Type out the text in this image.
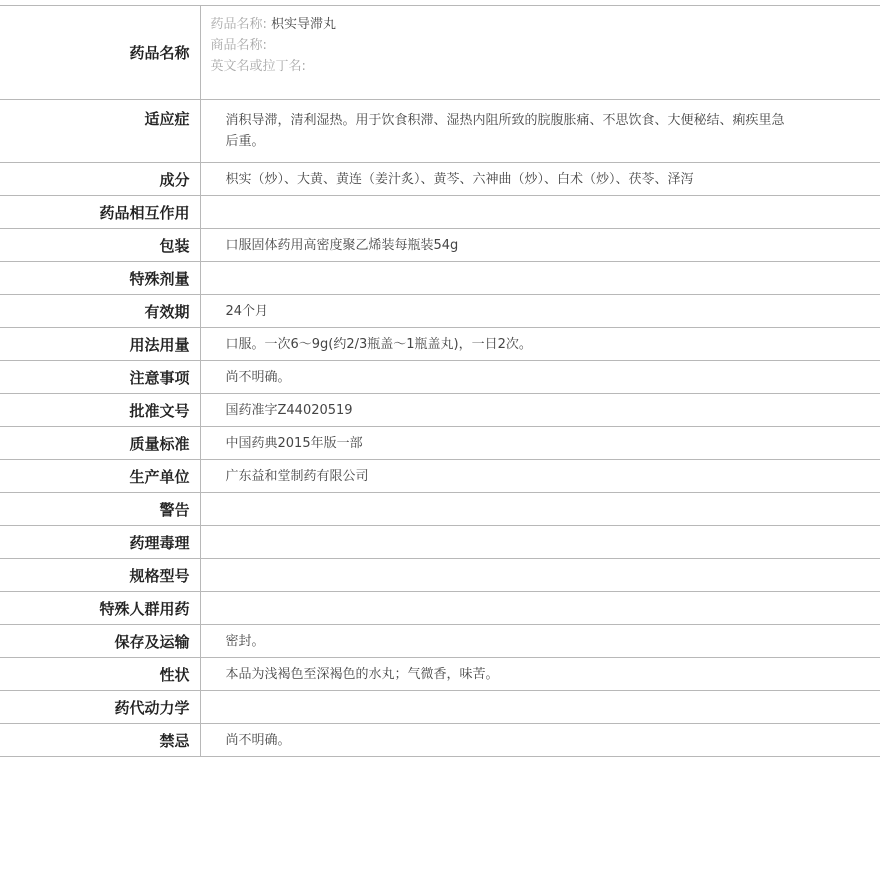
药品名称	药品名称: 枳实导滞丸
商品名称:
英文名或拉丁名:

适应症	消积导滞，清利湿热。用于饮食积滞、湿热内阻所致的脘腹胀痛、不思饮食、大便秘结、痢疾里急后重。
成分	枳实（炒）、大黄、黄连（姜汁炙）、黄芩、六神曲（炒）、白术（炒）、茯苓、泽泻
药品相互作用	
包装	口服固体药用高密度聚乙烯装每瓶装54g
特殊剂量	
有效期	24个月
用法用量	口服。一次6～9g(约2/3瓶盖～1瓶盖丸)，一日2次。
注意事项	尚不明确。
批准文号	国药准字Z44020519
质量标准	中国药典2015年版一部
生产单位	广东益和堂制药有限公司
警告	
药理毒理	
规格型号	
特殊人群用药	
保存及运输	密封。
性状	本品为浅褐色至深褐色的水丸；气微香，味苦。
药代动力学	
禁忌	尚不明确。
